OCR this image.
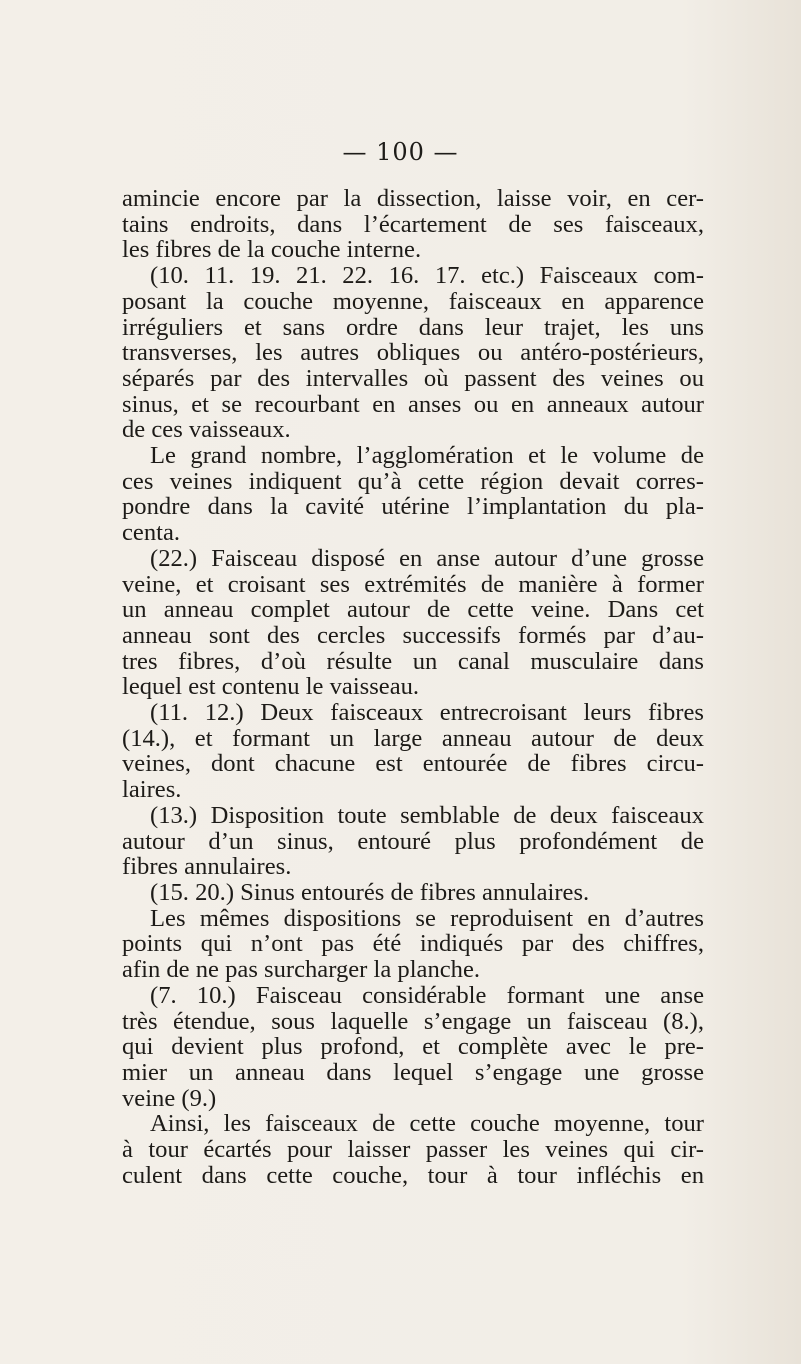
— 100 —
amincie encore par la dissection, laisse voir, en cer-
tains endroits, dans l’écartement de ses faisceaux,
les fibres de la couche interne.
(10. 11. 19. 21. 22. 16. 17. etc.) Faisceaux com-
posant la couche moyenne, faisceaux en apparence
irréguliers et sans ordre dans leur trajet, les uns
transverses, les autres obliques ou antéro-postérieurs,
séparés par des intervalles où passent des veines ou
sinus, et se recourbant en anses ou en anneaux autour
de ces vaisseaux.
Le grand nombre, l’agglomération et le volume de
ces veines indiquent qu’à cette région devait corres-
pondre dans la cavité utérine l’implantation du pla-
centa.
(22.) Faisceau disposé en anse autour d’une grosse
veine, et croisant ses extrémités de manière à former
un anneau complet autour de cette veine. Dans cet
anneau sont des cercles successifs formés par d’au-
tres fibres, d’où résulte un canal musculaire dans
lequel est contenu le vaisseau.
(11. 12.) Deux faisceaux entrecroisant leurs fibres
(14.), et formant un large anneau autour de deux
veines, dont chacune est entourée de fibres circu-
laires.
(13.) Disposition toute semblable de deux faisceaux
autour d’un sinus, entouré plus profondément de
fibres annulaires.
(15. 20.) Sinus entourés de fibres annulaires.
Les mêmes dispositions se reproduisent en d’autres
points qui n’ont pas été indiqués par des chiffres,
afin de ne pas surcharger la planche.
(7. 10.) Faisceau considérable formant une anse
très étendue, sous laquelle s’engage un faisceau (8.),
qui devient plus profond, et complète avec le pre-
mier un anneau dans lequel s’engage une grosse
veine (9.)
Ainsi, les faisceaux de cette couche moyenne, tour
à tour écartés pour laisser passer les veines qui cir-
culent dans cette couche, tour à tour infléchis en
